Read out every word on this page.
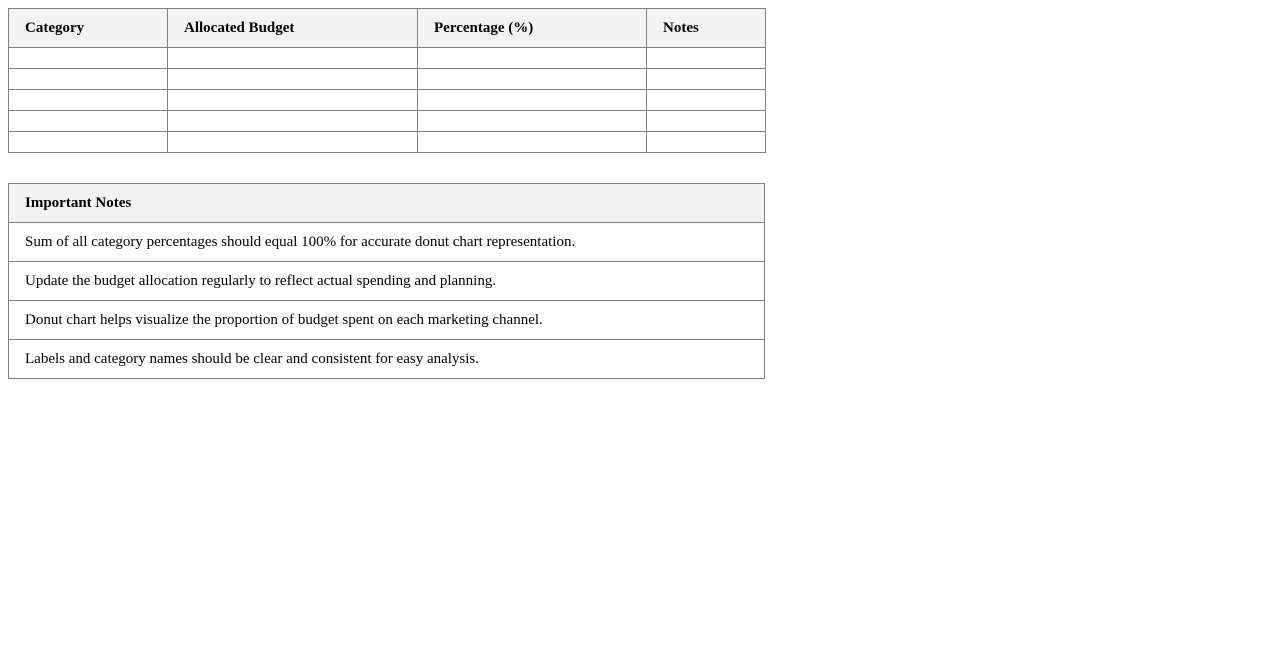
Category	Allocated Budget	Percentage (%)	Notes

Important Notes
Sum of all category percentages should equal 100% for accurate donut chart representation.
Update the budget allocation regularly to reflect actual spending and planning.
Donut chart helps visualize the proportion of budget spent on each marketing channel.
Labels and category names should be clear and consistent for easy analysis.
